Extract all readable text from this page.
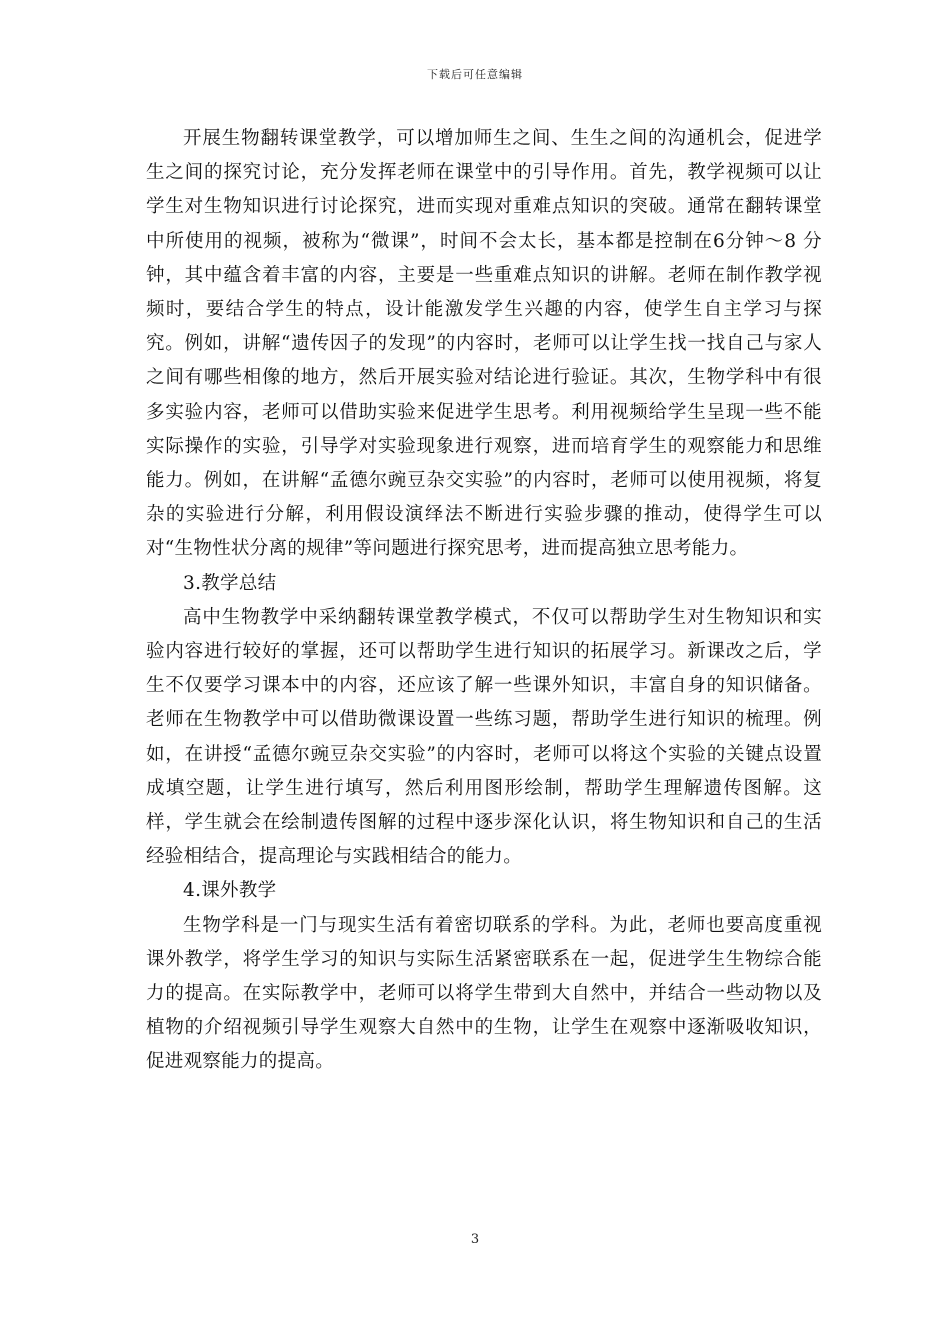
下载后可任意编辑

开展生物翻转课堂教学，可以增加师生之间、生生之间的沟通机会，促进学生之间的探究讨论，充分发挥老师在课堂中的引导作用。首先，教学视频可以让学生对生物知识进行讨论探究，进而实现对重难点知识的突破。通常在翻转课堂中所使用的视频，被称为“微课”，时间不会太长，基本都是控制在6分钟～8 分钟，其中蕴含着丰富的内容，主要是一些重难点知识的讲解。老师在制作教学视频时，要结合学生的特点，设计能激发学生兴趣的内容，使学生自主学习与探究。例如，讲解“遗传因子的发现”的内容时，老师可以让学生找一找自己与家人之间有哪些相像的地方，然后开展实验对结论进行验证。其次，生物学科中有很多实验内容，老师可以借助实验来促进学生思考。利用视频给学生呈现一些不能实际操作的实验，引导学对实验现象进行观察，进而培育学生的观察能力和思维能力。例如，在讲解“孟德尔豌豆杂交实验”的内容时，老师可以使用视频，将复杂的实验进行分解，利用假设演绎法不断进行实验步骤的推动，使得学生可以对“生物性状分离的规律”等问题进行探究思考，进而提高独立思考能力。

3.教学总结

高中生物教学中采纳翻转课堂教学模式，不仅可以帮助学生对生物知识和实验内容进行较好的掌握，还可以帮助学生进行知识的拓展学习。新课改之后，学生不仅要学习课本中的内容，还应该了解一些课外知识，丰富自身的知识储备。老师在生物教学中可以借助微课设置一些练习题，帮助学生进行知识的梳理。例如，在讲授“孟德尔豌豆杂交实验”的内容时，老师可以将这个实验的关键点设置成填空题，让学生进行填写，然后利用图形绘制，帮助学生理解遗传图解。这样，学生就会在绘制遗传图解的过程中逐步深化认识，将生物知识和自己的生活经验相结合，提高理论与实践相结合的能力。

4.课外教学

生物学科是一门与现实生活有着密切联系的学科。为此，老师也要高度重视课外教学，将学生学习的知识与实际生活紧密联系在一起，促进学生生物综合能力的提高。在实际教学中，老师可以将学生带到大自然中，并结合一些动物以及植物的介绍视频引导学生观察大自然中的生物，让学生在观察中逐渐吸收知识，促进观察能力的提高。

3
